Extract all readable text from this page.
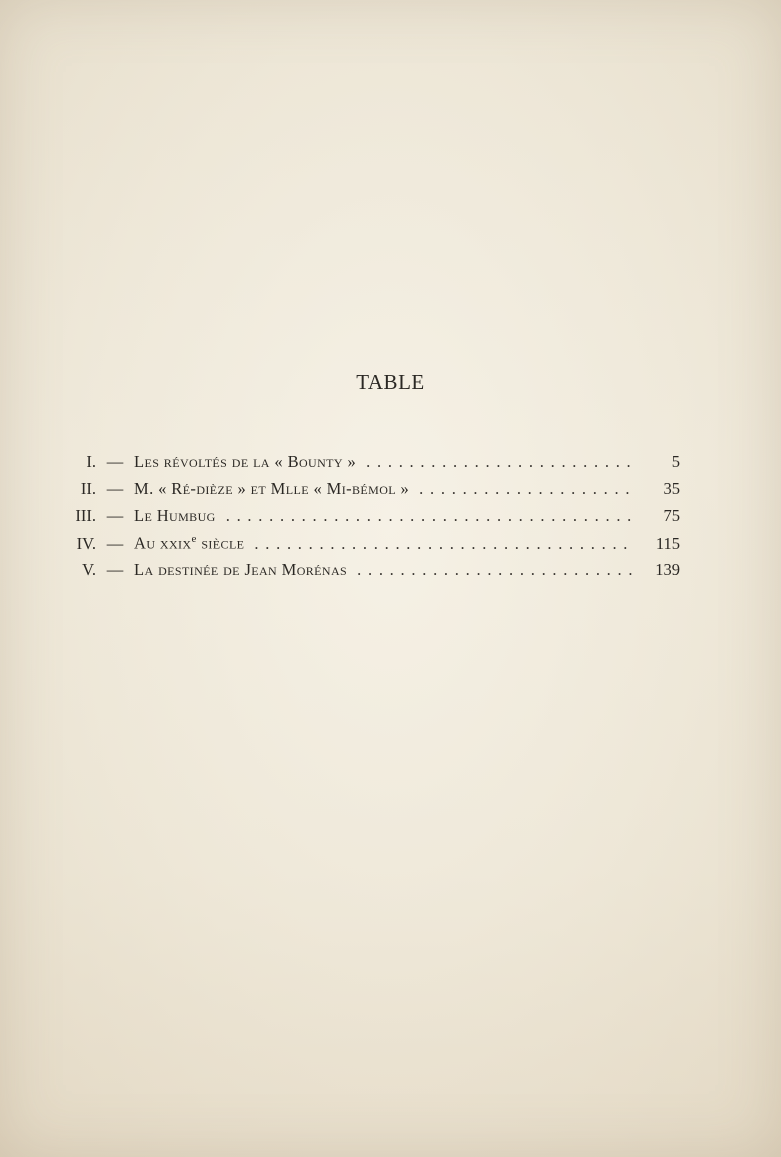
TABLE
I. — Les révoltés de la « Bounty » . . .	5
II. — M. « Ré-dièze » et Mlle « Mi-bémol » . . .	35
III. — Le Humbug . . .	75
IV. — Au xxix$^e$ siècle . . .	115
V. — La destinée de Jean Morénas . . .	139
